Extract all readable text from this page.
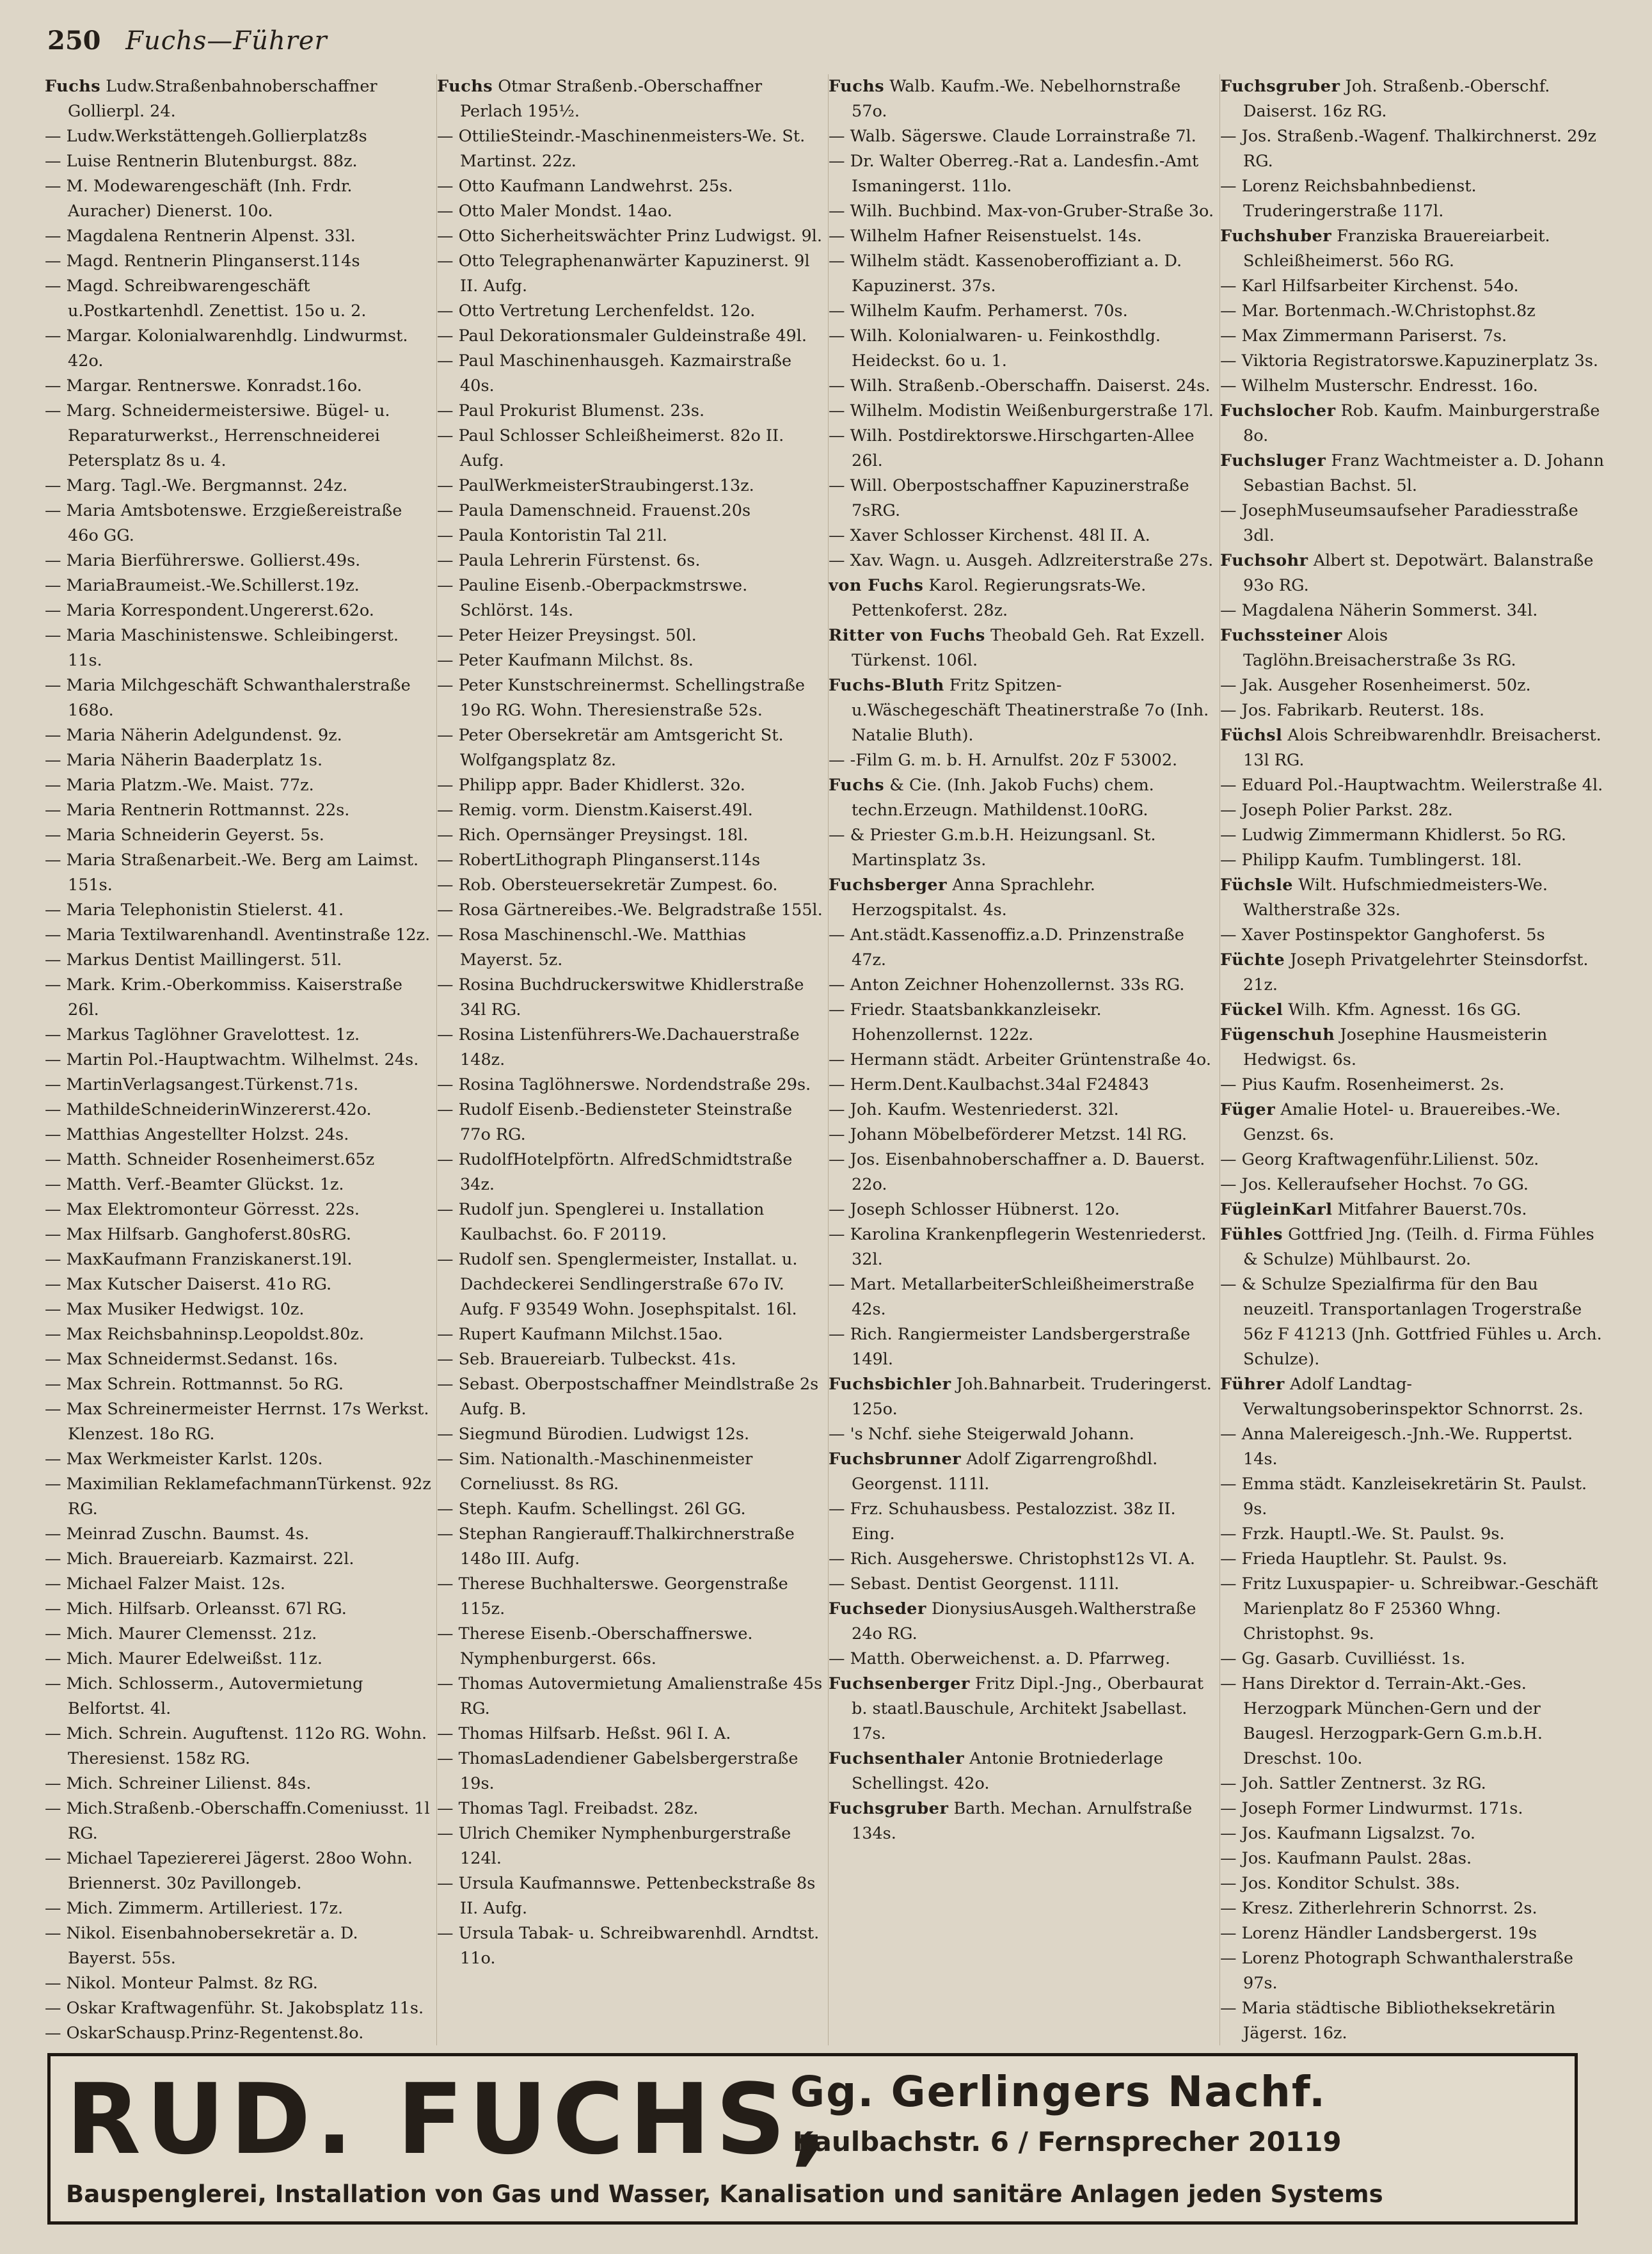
250 Fuchs—Führer
Fuchs Ludw.Straßenbahnoberschaffner Gollierpl. 24.
— Ludw.Werkstättengeh.Gollierplatz8s
— Luise Rentnerin Blutenburgst. 88z.
— M. Modewarengeschäft (Inh. Frdr. Auracher) Dienerst. 10o.
— Magdalena Rentnerin Alpenst. 33l.
— Magd. Rentnerin Plinganserst.114s
— Magd. Schreibwarengeschäft u.Postkartenhdl. Zenettist. 15o u. 2.
— Margar. Kolonialwarenhdlg. Lindwurmst. 42o.
— Margar. Rentnerswe. Konradst.16o.
— Marg. Schneidermeistersiwe. Bügel- u. Reparaturwerkst., Herrenschneiderei Petersplatz 8s u. 4.
— Marg. Tagl.-We. Bergmannst. 24z.
— Maria Amtsbotenswe. Erzgießereistraße 46o GG.
— Maria Bierführerswe. Gollierst.49s.
— MariaBraumeist.-We.Schillerst.19z.
— Maria Korrespondent.Ungererst.62o.
— Maria Maschinistenswe. Schleibingerst. 11s.
— Maria Milchgeschäft Schwanthalerstraße 168o.
— Maria Näherin Adelgundenst. 9z.
— Maria Näherin Baaderplatz 1s.
— Maria Platzm.-We. Maist. 77z.
— Maria Rentnerin Rottmannst. 22s.
— Maria Schneiderin Geyerst. 5s.
— Maria Straßenarbeit.-We. Berg am Laimst. 151s.
— Maria Telephonistin Stielerst. 41.
— Maria Textilwarenhandl. Aventinstraße 12z.
— Markus Dentist Maillingerst. 51l.
— Mark. Krim.-Oberkommiss. Kaiserstraße 26l.
— Markus Taglöhner Gravelottest. 1z.
— Martin Pol.-Hauptwachtm. Wilhelmst. 24s.
— MartinVerlagsangest.Türkenst.71s.
— MathildeSchneiderinWinzererst.42o.
— Matthias Angestellter Holzst. 24s.
— Matth. Schneider Rosenheimerst.65z
— Matth. Verf.-Beamter Glückst. 1z.
— Max Elektromonteur Görresst. 22s.
— Max Hilfsarb. Ganghoferst.80sRG.
— MaxKaufmann Franziskanerst.19l.
— Max Kutscher Daiserst. 41o RG.
— Max Musiker Hedwigst. 10z.
— Max Reichsbahninsp.Leopoldst.80z.
— Max Schneidermst.Sedanst. 16s.
— Max Schrein. Rottmannst. 5o RG.
— Max Schreinermeister Herrnst. 17s Werkst. Klenzest. 18o RG.
— Max Werkmeister Karlst. 120s.
— Maximilian ReklamefachmannTürkenst. 92z RG.
— Meinrad Zuschn. Baumst. 4s.
— Mich. Brauereiarb. Kazmairst. 22l.
— Michael Falzer Maist. 12s.
— Mich. Hilfsarb. Orleansst. 67l RG.
— Mich. Maurer Clemensst. 21z.
— Mich. Maurer Edelweißst. 11z.
— Mich. Schlosserm., Autovermietung Belfortst. 4l.
— Mich. Schrein. Auguftenst. 112o RG. Wohn. Theresienst. 158z RG.
— Mich. Schreiner Lilienst. 84s.
— Mich.Straßenb.-Oberschaffn.Comeniusst. 1l RG.
— Michael Tapeziererei Jägerst. 28oo Wohn. Briennerst. 30z Pavillongeb.
— Mich. Zimmerm. Artilleriest. 17z.
— Nikol. Eisenbahnobersekretär a. D. Bayerst. 55s.
— Nikol. Monteur Palmst. 8z RG.
— Oskar Kraftwagenführ. St. Jakobsplatz 11s.
— OskarSchausp.Prinz-Regentenst.8o.
Fuchs Otmar Straßenb.-Oberschaffner Perlach 195½.
— OttilieSteindr.-Maschinenmeisters-We. St. Martinst. 22z.
— Otto Kaufmann Landwehrst. 25s.
— Otto Maler Mondst. 14ao.
— Otto Sicherheitswächter Prinz Ludwigst. 9l.
— Otto Telegraphenanwärter Kapuzinerst. 9l II. Aufg.
— Otto Vertretung Lerchenfeldst. 12o.
— Paul Dekorationsmaler Guldeinstraße 49l.
— Paul Maschinenhausgeh. Kazmairstraße 40s.
— Paul Prokurist Blumenst. 23s.
— Paul Schlosser Schleißheimerst. 82o II. Aufg.
— PaulWerkmeisterStraubingerst.13z.
— Paula Damenschneid. Frauenst.20s
— Paula Kontoristin Tal 21l.
— Paula Lehrerin Fürstenst. 6s.
— Pauline Eisenb.-Oberpackmstrswe. Schlörst. 14s.
— Peter Heizer Preysingst. 50l.
— Peter Kaufmann Milchst. 8s.
— Peter Kunstschreinermst. Schellingstraße 19o RG. Wohn. Theresienstraße 52s.
— Peter Obersekretär am Amtsgericht St. Wolfgangsplatz 8z.
— Philipp appr. Bader Khidlerst. 32o.
— Remig. vorm. Dienstm.Kaiserst.49l.
— Rich. Opernsänger Preysingst. 18l.
— RobertLithograph Plinganserst.114s
— Rob. Obersteuersekretär Zumpest. 6o.
— Rosa Gärtnereibes.-We. Belgradstraße 155l.
— Rosa Maschinenschl.-We. Matthias Mayerst. 5z.
— Rosina Buchdruckerswitwe Khidlerstraße 34l RG.
— Rosina Listenführers-We.Dachauerstraße 148z.
— Rosina Taglöhnerswe. Nordendstraße 29s.
— Rudolf Eisenb.-Bediensteter Steinstraße 77o RG.
— RudolfHotelpförtn. AlfredSchmidtstraße 34z.
— Rudolf jun. Spenglerei u. Installation Kaulbachst. 6o. F 20119.
— Rudolf sen. Spenglermeister, Installat. u. Dachdeckerei Sendlingerstraße 67o IV. Aufg. F 93549 Wohn. Josephspitalst. 16l.
— Rupert Kaufmann Milchst.15ao.
— Seb. Brauereiarb. Tulbeckst. 41s.
— Sebast. Oberpostschaffner Meindlstraße 2s Aufg. B.
— Siegmund Bürodien. Ludwigst 12s.
— Sim. Nationalth.-Maschinenmeister Corneliusst. 8s RG.
— Steph. Kaufm. Schellingst. 26l GG.
— Stephan Rangierauff.Thalkirchnerstraße 148o III. Aufg.
— Therese Buchhalterswe. Georgenstraße 115z.
— Therese Eisenb.-Oberschaffnerswe. Nymphenburgerst. 66s.
— Thomas Autovermietung Amalienstraße 45s RG.
— Thomas Hilfsarb. Heßst. 96l I. A.
— ThomasLadendiener Gabelsbergerstraße 19s.
— Thomas Tagl. Freibadst. 28z.
— Ulrich Chemiker Nymphenburgerstraße 124l.
— Ursula Kaufmannswe. Pettenbeckstraße 8s II. Aufg.
— Ursula Tabak- u. Schreibwarenhdl. Arndtst. 11o.
Fuchs Walb. Kaufm.-We. Nebelhornstraße 57o.
— Walb. Sägerswe. Claude Lorrainstraße 7l.
— Dr. Walter Oberreg.-Rat a. Landesfin.-Amt Ismaningerst. 11lo.
— Wilh. Buchbind. Max-von-Gruber-Straße 3o.
— Wilhelm Hafner Reisenstuelst. 14s.
— Wilhelm städt. Kassenoberoffiziant a. D. Kapuzinerst. 37s.
— Wilhelm Kaufm. Perhamerst. 70s.
— Wilh. Kolonialwaren- u. Feinkosthdlg. Heideckst. 6o u. 1.
— Wilh. Straßenb.-Oberschaffn. Daiserst. 24s.
— Wilhelm. Modistin Weißenburgerstraße 17l.
— Wilh. Postdirektorswe.Hirschgarten-Allee 26l.
— Will. Oberpostschaffner Kapuzinerstraße 7sRG.
— Xaver Schlosser Kirchenst. 48l II. A.
— Xav. Wagn. u. Ausgeh. Adlzreiterstraße 27s.
von Fuchs Karol. Regierungsrats-We. Pettenkoferst. 28z.
Ritter von Fuchs Theobald Geh. Rat Exzell. Türkenst. 106l.
Fuchs-Bluth Fritz Spitzen- u.Wäschegeschäft Theatinerstraße 7o (Inh. Natalie Bluth).
— -Film G. m. b. H. Arnulfst. 20z F 53002.
Fuchs & Cie. (Inh. Jakob Fuchs) chem. techn.Erzeugn. Mathildenst.10oRG.
— & Priester G.m.b.H. Heizungsanl. St. Martinsplatz 3s.
Fuchsberger Anna Sprachlehr. Herzogspitalst. 4s.
— Ant.städt.Kassenoffiz.a.D. Prinzenstraße 47z.
— Anton Zeichner Hohenzollernst. 33s RG.
— Friedr. Staatsbankkanzleisekr. Hohenzollernst. 122z.
— Hermann städt. Arbeiter Grüntenstraße 4o.
— Herm.Dent.Kaulbachst.34al F24843
— Joh. Kaufm. Westenriederst. 32l.
— Johann Möbelbeförderer Metzst. 14l RG.
— Jos. Eisenbahnoberschaffner a. D. Bauerst. 22o.
— Joseph Schlosser Hübnerst. 12o.
— Karolina Krankenpflegerin Westenriederst. 32l.
— Mart. MetallarbeiterSchleißheimerstraße 42s.
— Rich. Rangiermeister Landsbergerstraße 149l.
Fuchsbichler Joh.Bahnarbeit. Truderingerst. 125o.
— 's Nchf. siehe Steigerwald Johann.
Fuchsbrunner Adolf Zigarrengroßhdl. Georgenst. 111l.
— Frz. Schuhausbess. Pestalozzist. 38z II. Eing.
— Rich. Ausgeherswe. Christophst12s VI. A.
— Sebast. Dentist Georgenst. 111l.
Fuchseder DionysiusAusgeh.Waltherstraße 24o RG.
— Matth. Oberweichenst. a. D. Pfarrweg.
Fuchsenberger Fritz Dipl.-Jng., Oberbaurat b. staatl.Bauschule, Architekt Jsabellast. 17s.
Fuchsenthaler Antonie Brotniederlage Schellingst. 42o.
Fuchsgruber Barth. Mechan. Arnulfstraße 134s.
Fuchsgruber Joh. Straßenb.-Oberschf. Daiserst. 16z RG.
— Jos. Straßenb.-Wagenf. Thalkirchnerst. 29z RG.
— Lorenz Reichsbahnbedienst. Truderingerstraße 117l.
Fuchshuber Franziska Brauereiarbeit. Schleißheimerst. 56o RG.
— Karl Hilfsarbeiter Kirchenst. 54o.
— Mar. Bortenmach.-W.Christophst.8z
— Max Zimmermann Pariserst. 7s.
— Viktoria Registratorswe.Kapuzinerplatz 3s.
— Wilhelm Musterschr. Endresst. 16o.
Fuchslocher Rob. Kaufm. Mainburgerstraße 8o.
Fuchsluger Franz Wachtmeister a. D. Johann Sebastian Bachst. 5l.
— JosephMuseumsaufseher Paradiesstraße 3dl.
Fuchsohr Albert st. Depotwärt. Balanstraße 93o RG.
— Magdalena Näherin Sommerst. 34l.
Fuchssteiner Alois Taglöhn.Breisacherstraße 3s RG.
— Jak. Ausgeher Rosenheimerst. 50z.
— Jos. Fabrikarb. Reuterst. 18s.
Füchsl Alois Schreibwarenhdlr. Breisacherst. 13l RG.
— Eduard Pol.-Hauptwachtm. Weilerstraße 4l.
— Joseph Polier Parkst. 28z.
— Ludwig Zimmermann Khidlerst. 5o RG.
— Philipp Kaufm. Tumblingerst. 18l.
Füchsle Wilt. Hufschmiedmeisters-We. Waltherstraße 32s.
— Xaver Postinspektor Ganghoferst. 5s
Füchte Joseph Privatgelehrter Steinsdorfst. 21z.
Fückel Wilh. Kfm. Agnesst. 16s GG.
Fügenschuh Josephine Hausmeisterin Hedwigst. 6s.
— Pius Kaufm. Rosenheimerst. 2s.
Füger Amalie Hotel- u. Brauereibes.-We. Genzst. 6s.
— Georg Kraftwagenführ.Lilienst. 50z.
— Jos. Kelleraufseher Hochst. 7o GG.
FügleinKarl Mitfahrer Bauerst.70s.
Fühles Gottfried Jng. (Teilh. d. Firma Fühles & Schulze) Mühlbaurst. 2o.
— & Schulze Spezialfirma für den Bau neuzeitl. Transportanlagen Trogerstraße 56z F 41213 (Jnh. Gottfried Fühles u. Arch. Schulze).
Führer Adolf Landtag-Verwaltungsoberinspektor Schnorrst. 2s.
— Anna Malereigesch.-Jnh.-We. Ruppertst. 14s.
— Emma städt. Kanzleisekretärin St. Paulst. 9s.
— Frzk. Hauptl.-We. St. Paulst. 9s.
— Frieda Hauptlehr. St. Paulst. 9s.
— Fritz Luxuspapier- u. Schreibwar.-Geschäft Marienplatz 8o F 25360 Whng. Christophst. 9s.
— Gg. Gasarb. Cuvilliésst. 1s.
— Hans Direktor d. Terrain-Akt.-Ges. Herzogpark München-Gern und der Baugesl. Herzogpark-Gern G.m.b.H. Dreschst. 10o.
— Joh. Sattler Zentnerst. 3z RG.
— Joseph Former Lindwurmst. 171s.
— Jos. Kaufmann Ligsalzst. 7o.
— Jos. Kaufmann Paulst. 28as.
— Jos. Konditor Schulst. 38s.
— Kresz. Zitherlehrerin Schnorrst. 2s.
— Lorenz Händler Landsbergerst. 19s
— Lorenz Photograph Schwanthalerstraße 97s.
— Maria städtische Bibliotheksekretärin Jägerst. 16z.
RUD. FUCHS,
Gg. Gerlingers Nachf.
Kaulbachstr. 6 / Fernsprecher 20119
Bauspenglerei, Installation von Gas und Wasser, Kanalisation und sanitäre Anlagen jeden Systems
